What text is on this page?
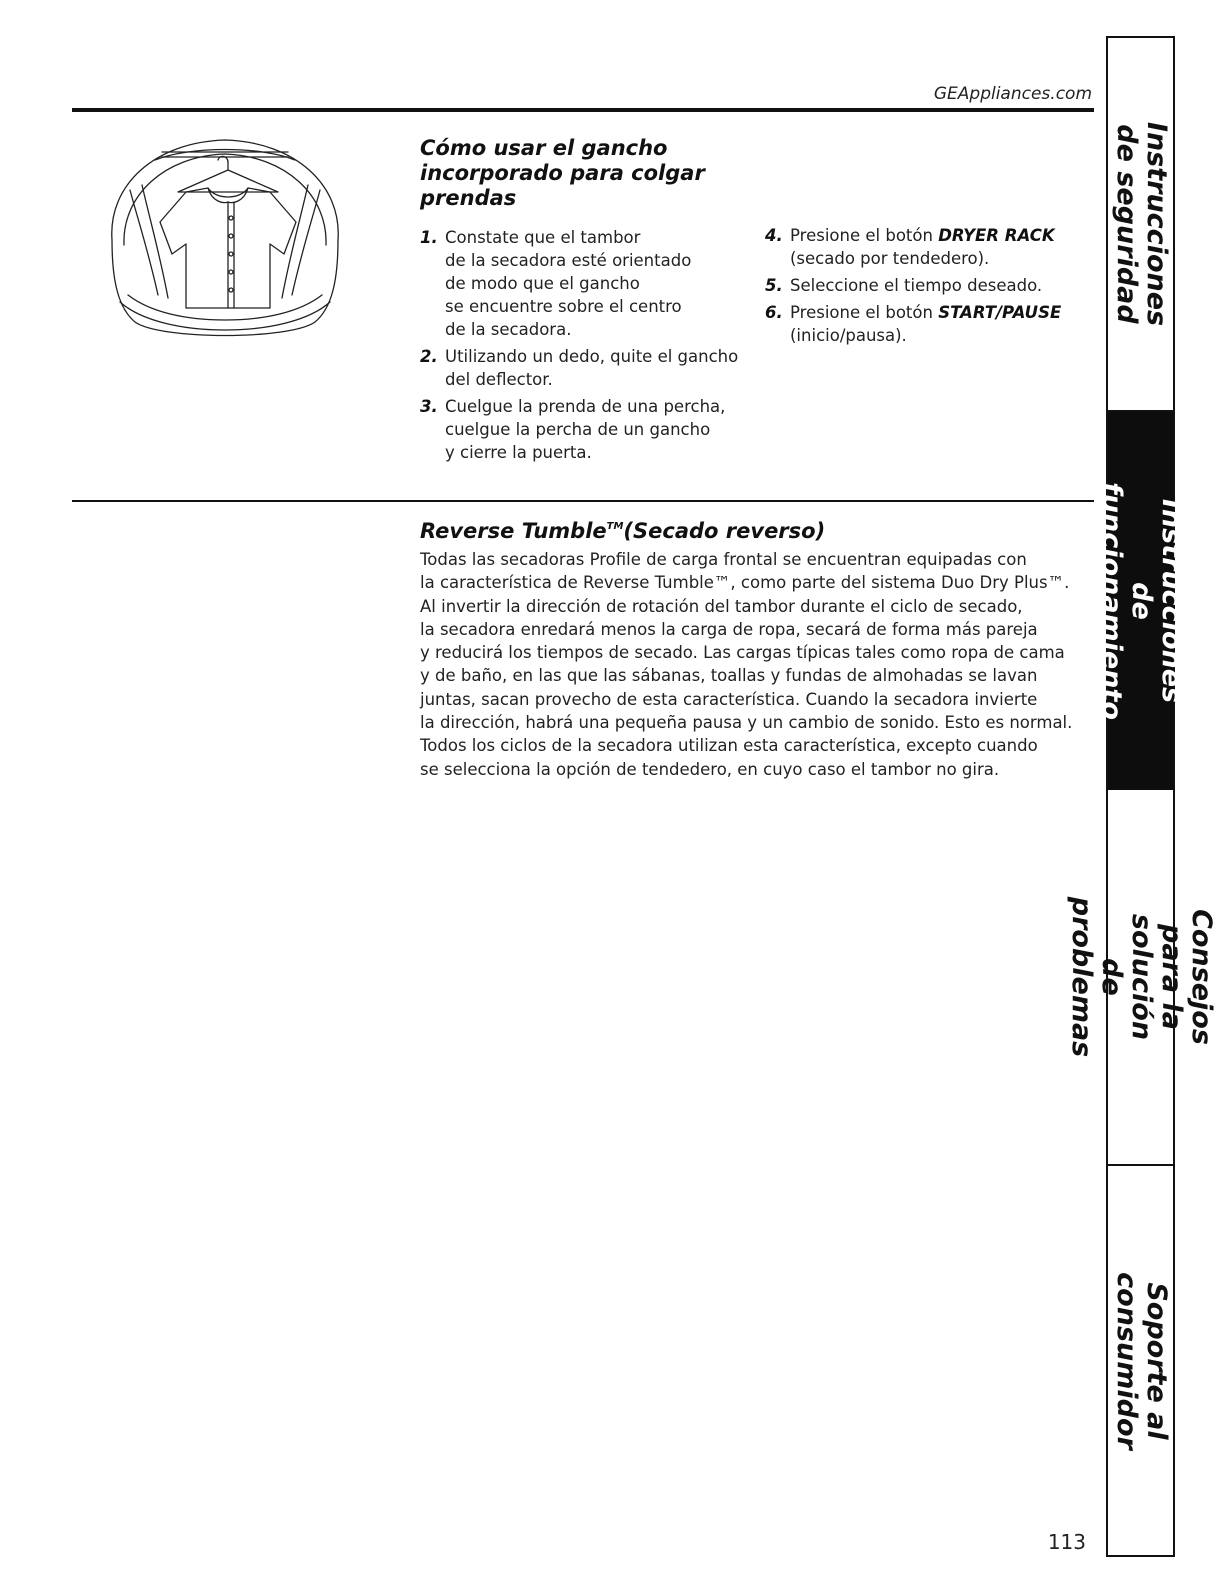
GEAppliances.com
Cómo usar el gancho
incorporado para colgar
prendas
1. Constate que el tambor
de la secadora esté orientado
de modo que el gancho
se encuentre sobre el centro
de la secadora.
2. Utilizando un dedo, quite el gancho
del deflector.
3. Cuelgue la prenda de una percha,
cuelgue la percha de un gancho
y cierre la puerta.
4. Presione el botón DRYER RACK
(secado por tendedero).
5. Seleccione el tiempo deseado.
6. Presione el botón START/PAUSE
(inicio/pausa).
Reverse Tumble™(Secado reverso)

Todas las secadoras Profile de carga frontal se encuentran equipadas con
la característica de Reverse Tumble™, como parte del sistema Duo Dry Plus™.
Al invertir la dirección de rotación del tambor durante el ciclo de secado,
la secadora enredará menos la carga de ropa, secará de forma más pareja
y reducirá los tiempos de secado. Las cargas típicas tales como ropa de cama
y de baño, en las que las sábanas, toallas y fundas de almohadas se lavan
juntas, sacan provecho de esta característica. Cuando la secadora invierte
la dirección, habrá una pequeña pausa y un cambio de sonido. Esto es normal.
Todos los ciclos de la secadora utilizan esta característica, excepto cuando
se selecciona la opción de tendedero, en cuyo caso el tambor no gira.

Instrucciones
de seguridad
Instrucciones
de funcionamiento
Consejos para la solución
de problemas
Soporte al consumidor
113
